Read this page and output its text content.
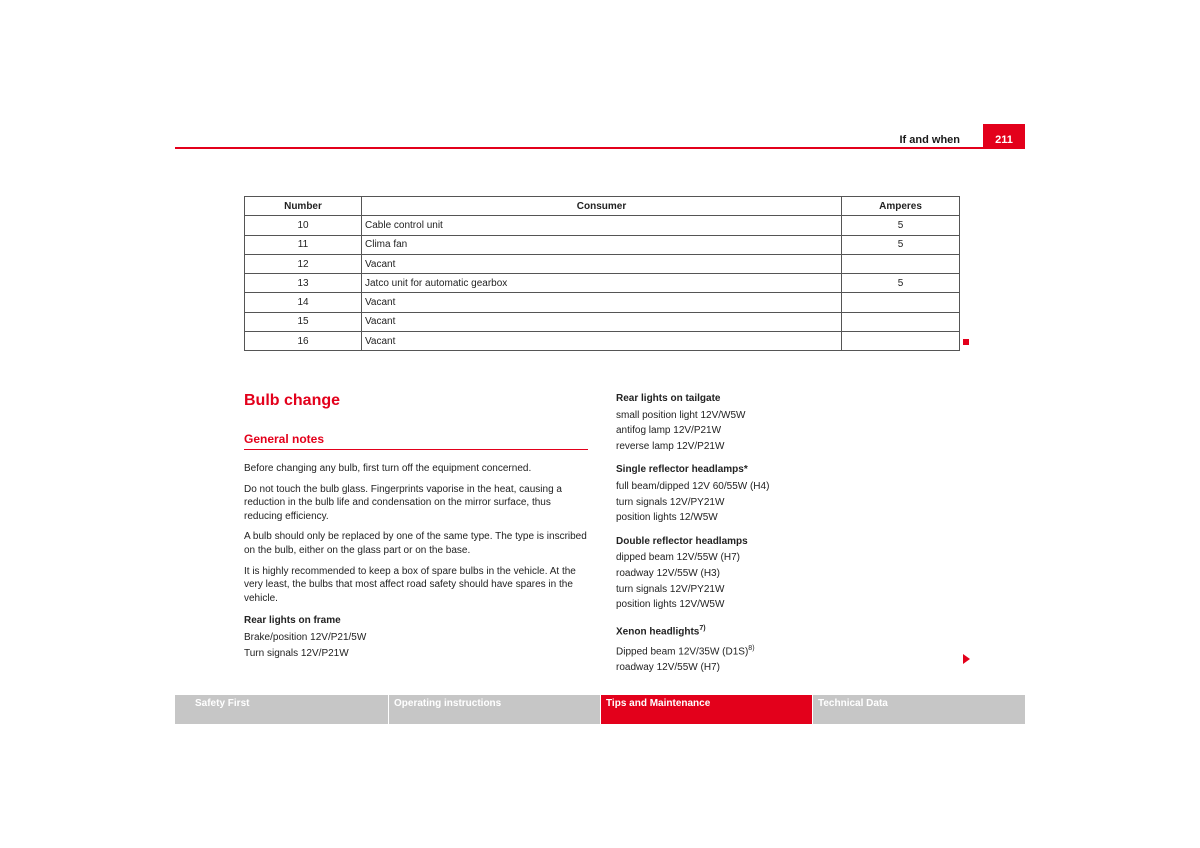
If and when	211
Number	Consumer	Amperes
10	Cable control unit	5
11	Clima fan	5
12	Vacant	
13	Jatco unit for automatic gearbox	5
14	Vacant	
15	Vacant	
16	Vacant	
Bulb change
General notes

Before changing any bulb, first turn off the equipment concerned.

Do not touch the bulb glass. Fingerprints vaporise in the heat, causing a reduction in the bulb life and condensation on the mirror surface, thus reducing efficiency.

A bulb should only be replaced by one of the same type. The type is inscribed on the bulb, either on the glass part or on the base.

It is highly recommended to keep a box of spare bulbs in the vehicle. At the very least, the bulbs that most affect road safety should have spares in the vehicle.

Rear lights on frame

Brake/position 12V/P21/5W

Turn signals 12V/P21W

Rear lights on tailgate

small position light 12V/W5W

antifog lamp 12V/P21W

reverse lamp 12V/P21W

Single reflector headlamps*

full beam/dipped 12V 60/55W (H4)

turn signals 12V/PY21W

position lights 12/W5W

Double reflector headlamps

dipped beam 12V/55W (H7)

roadway 12V/55W (H3)

turn signals 12V/PY21W

position lights 12V/W5W

Xenon headlights$^{7)}$

Dipped beam 12V/35W $(D1S)^{8)}$

roadway 12V/55W (H7)

Safety First	Operating instructions	Tips and Maintenance	Technical Data
